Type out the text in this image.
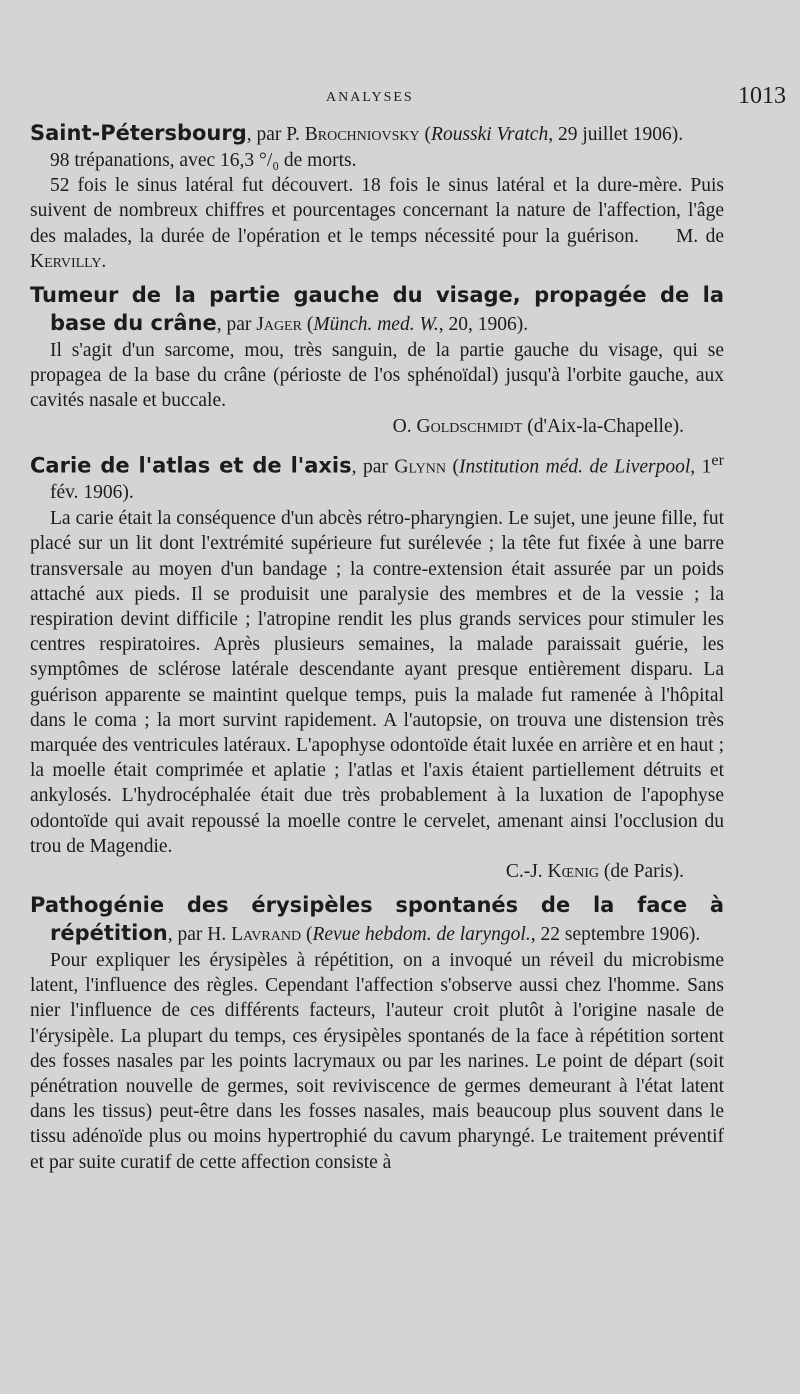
ANALYSES	1013

Saint-Pétersbourg, par P. Brochniovsky (Rousski Vratch, 29 juillet 1906).

98 trépanations, avec 16,3 °/₀ de morts.

52 fois le sinus latéral fut découvert. 18 fois le sinus latéral et la dure-mère. Puis suivent de nombreux chiffres et pourcentages concernant la nature de l'affection, l'âge des malades, la durée de l'opération et le temps nécessité pour la guérison. M. de Kervilly.

Tumeur de la partie gauche du visage, propagée de la base du crâne, par Jager (Münch. med. W., 20, 1906).

Il s'agit d'un sarcome, mou, très sanguin, de la partie gauche du visage, qui se propagea de la base du crâne (périoste de l'os sphénoïdal) jusqu'à l'orbite gauche, aux cavités nasale et buccale.

O. Goldschmidt (d'Aix-la-Chapelle).

Carie de l'atlas et de l'axis, par Glynn (Institution méd. de Liverpool, 1er fév. 1906).

La carie était la conséquence d'un abcès rétro-pharyngien. Le sujet, une jeune fille, fut placé sur un lit dont l'extrémité supérieure fut surélevée ; la tête fut fixée à une barre transversale au moyen d'un bandage ; la contre-extension était assurée par un poids attaché aux pieds. Il se produisit une paralysie des membres et de la vessie ; la respiration devint difficile ; l'atropine rendit les plus grands services pour stimuler les centres respiratoires. Après plusieurs semaines, la malade paraissait guérie, les symptômes de sclérose latérale descendante ayant presque entièrement disparu. La guérison apparente se maintint quelque temps, puis la malade fut ramenée à l'hôpital dans le coma ; la mort survint rapidement. A l'autopsie, on trouva une distension très marquée des ventricules latéraux. L'apophyse odontoïde était luxée en arrière et en haut ; la moelle était comprimée et aplatie ; l'atlas et l'axis étaient partiellement détruits et ankylosés. L'hydrocéphalée était due très probablement à la luxation de l'apophyse odontoïde qui avait repoussé la moelle contre le cervelet, amenant ainsi l'occlusion du trou de Magendie.

C.-J. Kœnig (de Paris).

Pathogénie des érysipèles spontanés de la face à répétition, par H. Lavrand (Revue hebdom. de laryngol., 22 septembre 1906).

Pour expliquer les érysipèles à répétition, on a invoqué un réveil du microbisme latent, l'influence des règles. Cependant l'affection s'observe aussi chez l'homme. Sans nier l'influence de ces différents facteurs, l'auteur croit plutôt à l'origine nasale de l'érysipèle. La plupart du temps, ces érysipèles spontanés de la face à répétition sortent des fosses nasales par les points lacrymaux ou par les narines. Le point de départ (soit pénétration nouvelle de germes, soit reviviscence de germes demeurant à l'état latent dans les tissus) peut-être dans les fosses nasales, mais beaucoup plus souvent dans le tissu adénoïde plus ou moins hypertrophié du cavum pharyngé. Le traitement préventif et par suite curatif de cette affection consiste à
